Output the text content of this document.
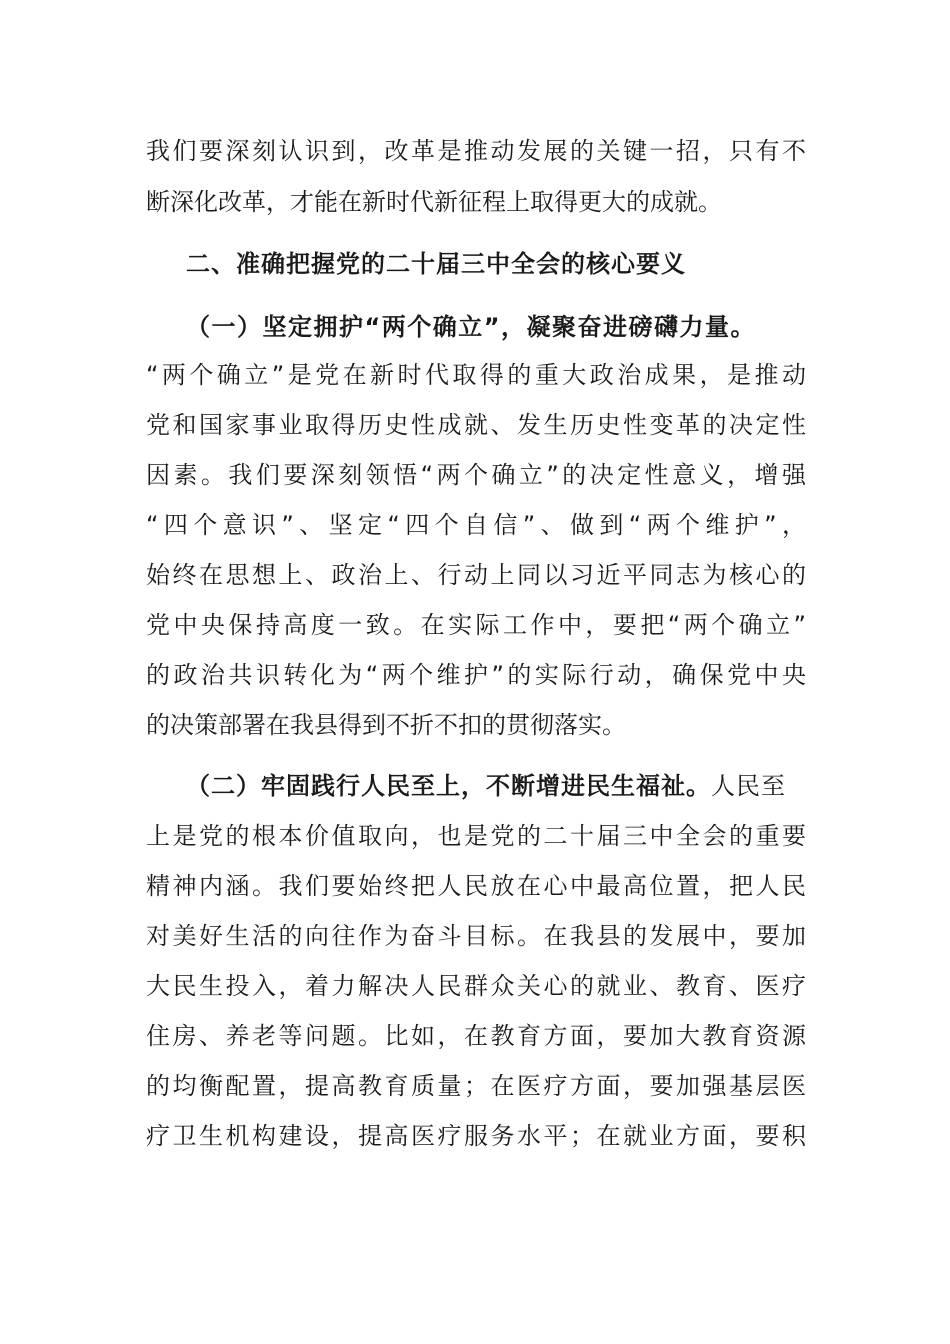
我们要深刻认识到，改革是推动发展的关键一招，只有不
断深化改革，才能在新时代新征程上取得更大的成就。
二、准确把握党的二十届三中全会的核心要义
（一）坚定拥护“两个确立”，凝聚奋进磅礴力量。
“两个确立”是党在新时代取得的重大政治成果，是推动
党和国家事业取得历史性成就、发生历史性变革的决定性
因素。我们要深刻领悟“两个确立”的决定性意义，增强
“四个意识”、坚定“四个自信”、做到“两个维护”，
始终在思想上、政治上、行动上同以习近平同志为核心的
党中央保持高度一致。在实际工作中，要把“两个确立”
的政治共识转化为“两个维护”的实际行动，确保党中央
的决策部署在我县得到不折不扣的贯彻落实。
（二）牢固践行人民至上，不断增进民生福祉。人民至
上是党的根本价值取向，也是党的二十届三中全会的重要
精神内涵。我们要始终把人民放在心中最高位置，把人民
对美好生活的向往作为奋斗目标。在我县的发展中，要加
大民生投入，着力解决人民群众关心的就业、教育、医疗
住房、养老等问题。比如，在教育方面，要加大教育资源
的均衡配置，提高教育质量；在医疗方面，要加强基层医
疗卫生机构建设，提高医疗服务水平；在就业方面，要积
